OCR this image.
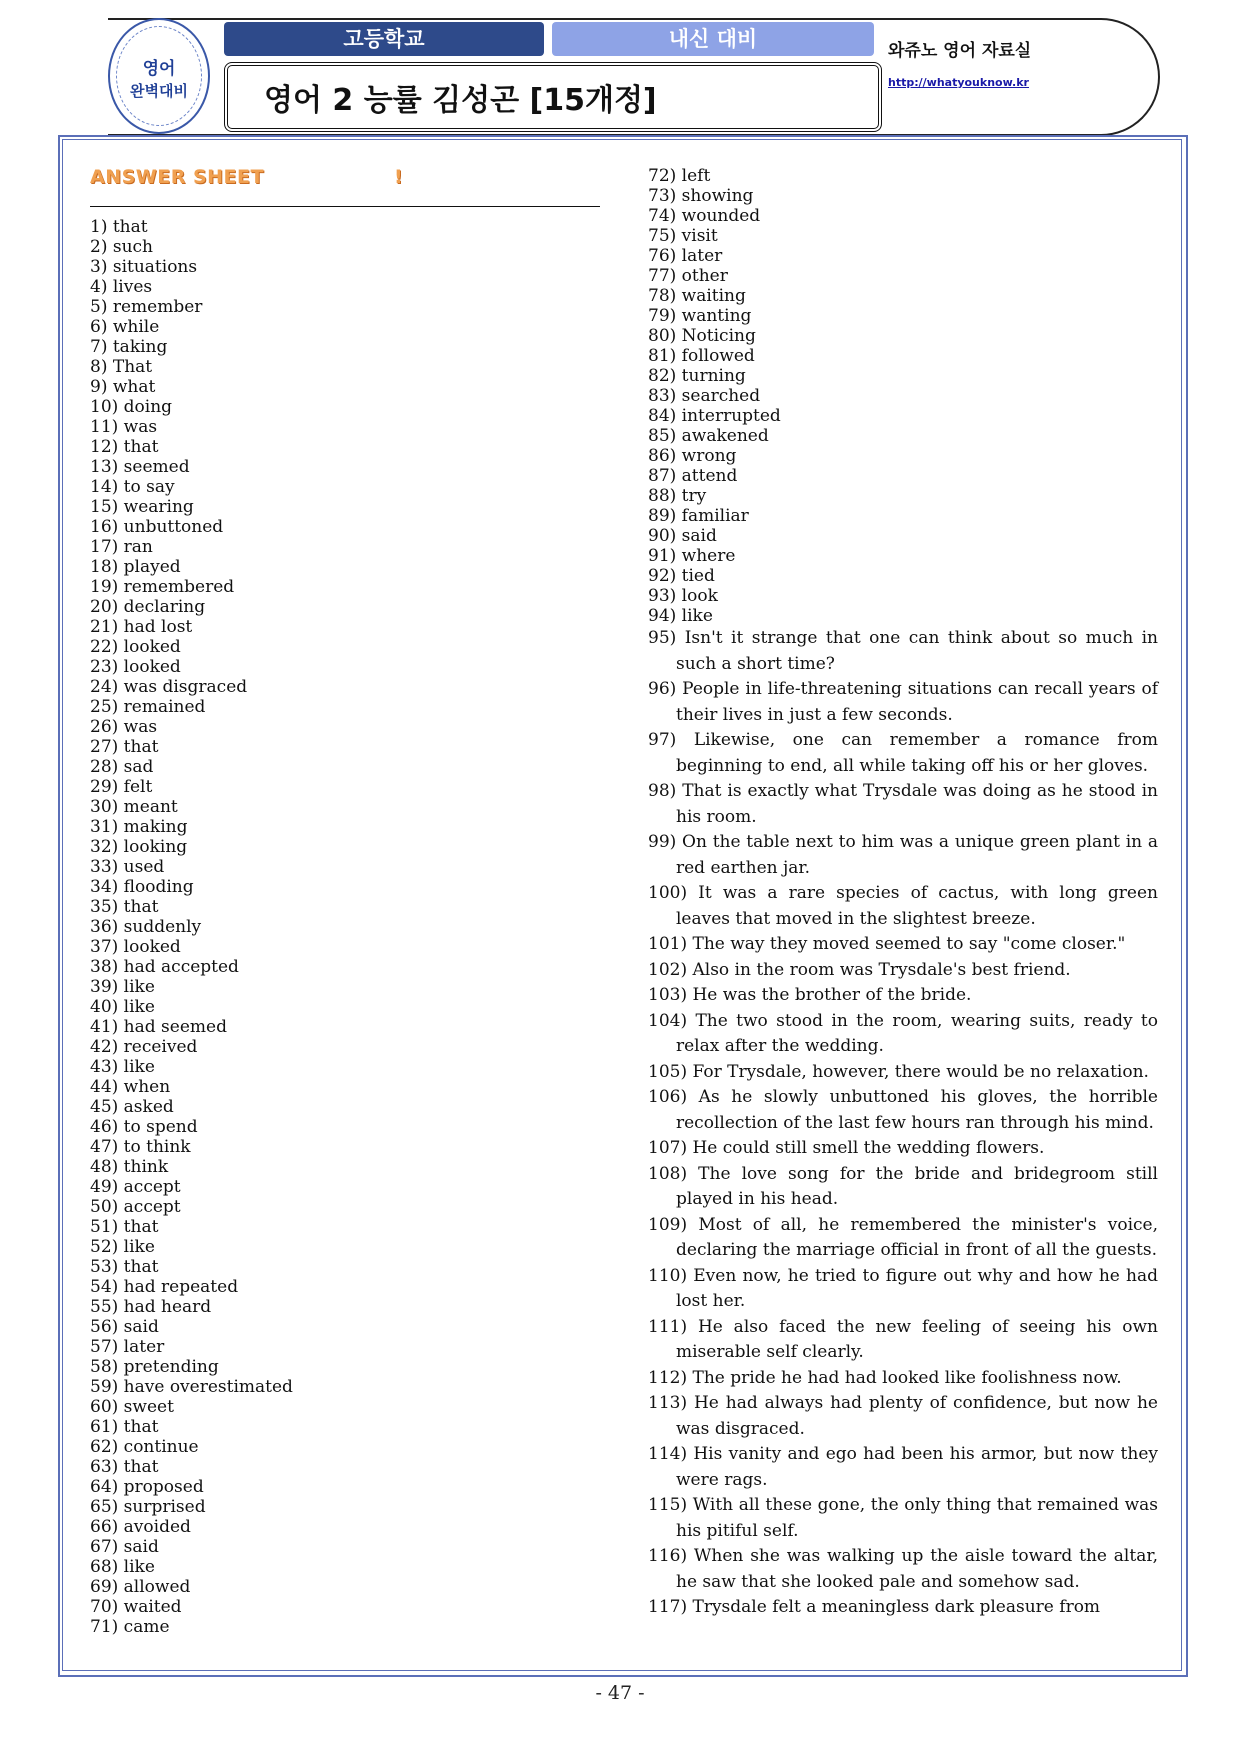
영어
완벽대비
고등학교	내신 대비
영어 2 능률 김성곤 [15개정]
와쥬노 영어 자료실
http://whatyouknow.kr
ANSWER SHEET	!
1) that
2) such
3) situations
4) lives
5) remember
6) while
7) taking
8) That
9) what
10) doing
11) was
12) that
13) seemed
14) to say
15) wearing
16) unbuttoned
17) ran
18) played
19) remembered
20) declaring
21) had lost
22) looked
23) looked
24) was disgraced
25) remained
26) was
27) that
28) sad
29) felt
30) meant
31) making
32) looking
33) used
34) flooding
35) that
36) suddenly
37) looked
38) had accepted
39) like
40) like
41) had seemed
42) received
43) like
44) when
45) asked
46) to spend
47) to think
48) think
49) accept
50) accept
51) that
52) like
53) that
54) had repeated
55) had heard
56) said
57) later
58) pretending
59) have overestimated
60) sweet
61) that
62) continue
63) that
64) proposed
65) surprised
66) avoided
67) said
68) like
69) allowed
70) waited
71) came
72) left
73) showing
74) wounded
75) visit
76) later
77) other
78) waiting
79) wanting
80) Noticing
81) followed
82) turning
83) searched
84) interrupted
85) awakened
86) wrong
87) attend
88) try
89) familiar
90) said
91) where
92) tied
93) look
94) like
95) Isn't it strange that one can think about so much in such a short time?
96) People in life-threatening situations can recall years of their lives in just a few seconds.
97) Likewise, one can remember a romance from beginning to end, all while taking off his or her gloves.
98) That is exactly what Trysdale was doing as he stood in his room.
99) On the table next to him was a unique green plant in a red earthen jar.
100) It was a rare species of cactus, with long green leaves that moved in the slightest breeze.
101) The way they moved seemed to say "come closer."
102) Also in the room was Trysdale's best friend.
103) He was the brother of the bride.
104) The two stood in the room, wearing suits, ready to relax after the wedding.
105) For Trysdale, however, there would be no relaxation.
106) As he slowly unbuttoned his gloves, the horrible recollection of the last few hours ran through his mind.
107) He could still smell the wedding flowers.
108) The love song for the bride and bridegroom still played in his head.
109) Most of all, he remembered the minister's voice, declaring the marriage official in front of all the guests.
110) Even now, he tried to figure out why and how he had lost her.
111) He also faced the new feeling of seeing his own miserable self clearly.
112) The pride he had had looked like foolishness now.
113) He had always had plenty of confidence, but now he was disgraced.
114) His vanity and ego had been his armor, but now they were rags.
115) With all these gone, the only thing that remained was his pitiful self.
116) When she was walking up the aisle toward the altar, he saw that she looked pale and somehow sad.
117) Trysdale felt a meaningless dark pleasure from
- 47 -
